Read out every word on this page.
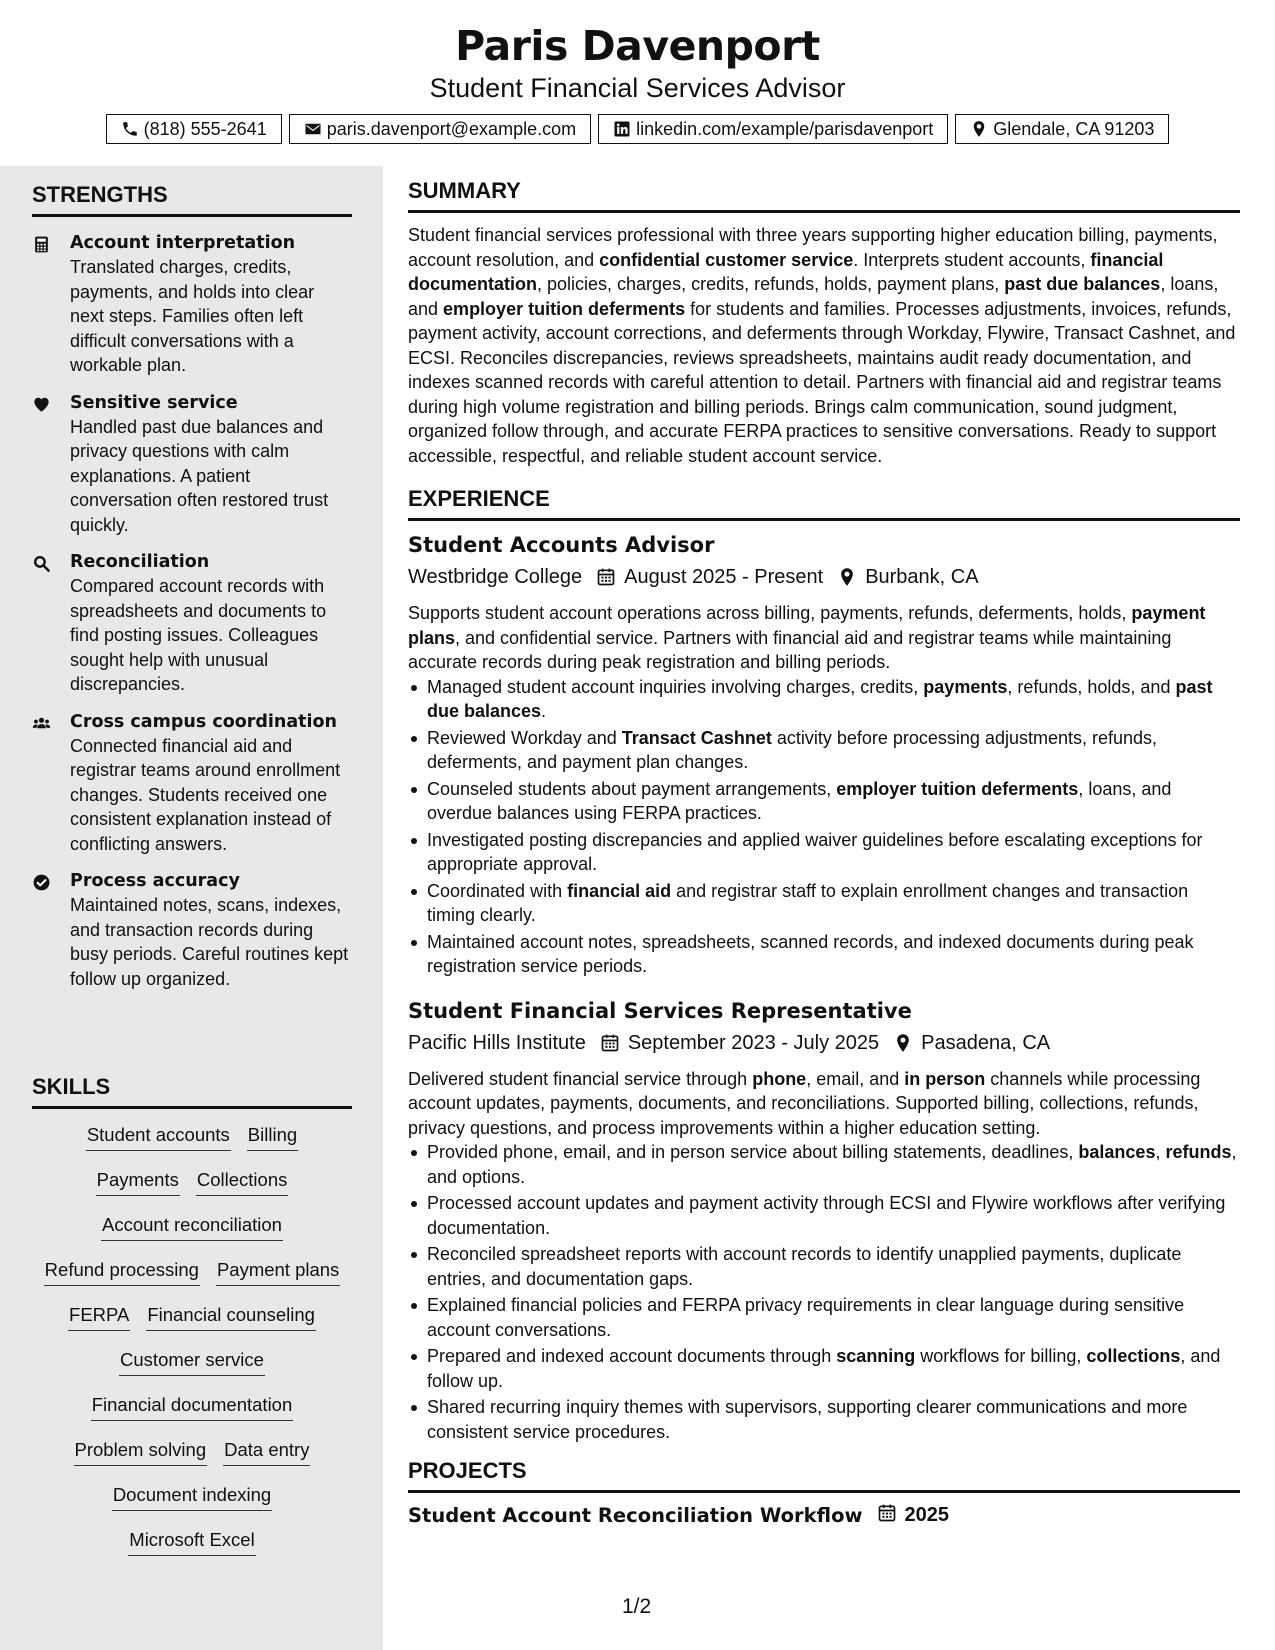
Paris Davenport
Student Financial Services Advisor
(818) 555-2641	paris.davenport@example.com	linkedin.com/example/parisdavenport	Glendale, CA 91203
STRENGTHS
Account interpretation
Translated charges, credits, payments, and holds into clear next steps. Families often left difficult conversations with a workable plan.
Sensitive service
Handled past due balances and privacy questions with calm explanations. A patient conversation often restored trust quickly.
Reconciliation
Compared account records with spreadsheets and documents to find posting issues. Colleagues sought help with unusual discrepancies.
Cross campus coordination
Connected financial aid and registrar teams around enrollment changes. Students received one consistent explanation instead of conflicting answers.
Process accuracy
Maintained notes, scans, indexes, and transaction records during busy periods. Careful routines kept follow up organized.
SKILLS
Student accounts Billing
Payments Collections
Account reconciliation
Refund processing Payment plans
FERPA Financial counseling
Customer service
Financial documentation
Problem solving Data entry
Document indexing
Microsoft Excel
SUMMARY
Student financial services professional with three years supporting higher education billing, payments, account resolution, and confidential customer service. Interprets student accounts, financial documentation, policies, charges, credits, refunds, holds, payment plans, past due balances, loans, and employer tuition deferments for students and families. Processes adjustments, invoices, refunds, payment activity, account corrections, and deferments through Workday, Flywire, Transact Cashnet, and ECSI. Reconciles discrepancies, reviews spreadsheets, maintains audit ready documentation, and indexes scanned records with careful attention to detail. Partners with financial aid and registrar teams during high volume registration and billing periods. Brings calm communication, sound judgment, organized follow through, and accurate FERPA practices to sensitive conversations. Ready to support accessible, respectful, and reliable student account service.
EXPERIENCE
Student Accounts Advisor
Westbridge College August 2025 - Present Burbank, CA
Supports student account operations across billing, payments, refunds, deferments, holds, payment plans, and confidential service. Partners with financial aid and registrar teams while maintaining accurate records during peak registration and billing periods.
Managed student account inquiries involving charges, credits, payments, refunds, holds, and past due balances.
Reviewed Workday and Transact Cashnet activity before processing adjustments, refunds, deferments, and payment plan changes.
Counseled students about payment arrangements, employer tuition deferments, loans, and overdue balances using FERPA practices.
Investigated posting discrepancies and applied waiver guidelines before escalating exceptions for appropriate approval.
Coordinated with financial aid and registrar staff to explain enrollment changes and transaction timing clearly.
Maintained account notes, spreadsheets, scanned records, and indexed documents during peak registration service periods.
Student Financial Services Representative
Pacific Hills Institute September 2023 - July 2025 Pasadena, CA
Delivered student financial service through phone, email, and in person channels while processing account updates, payments, documents, and reconciliations. Supported billing, collections, refunds, privacy questions, and process improvements within a higher education setting.
Provided phone, email, and in person service about billing statements, deadlines, balances, refunds, and options.
Processed account updates and payment activity through ECSI and Flywire workflows after verifying documentation.
Reconciled spreadsheet reports with account records to identify unapplied payments, duplicate entries, and documentation gaps.
Explained financial policies and FERPA privacy requirements in clear language during sensitive account conversations.
Prepared and indexed account documents through scanning workflows for billing, collections, and follow up.
Shared recurring inquiry themes with supervisors, supporting clearer communications and more consistent service procedures.
PROJECTS
Student Account Reconciliation Workflow 2025
1/2
